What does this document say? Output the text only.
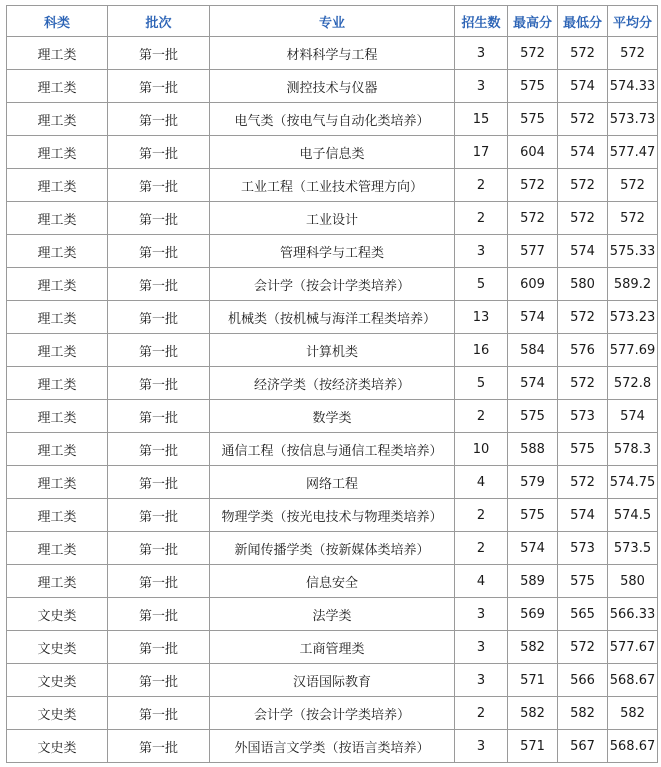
科类	批次	专业	招生数	最高分	最低分	平均分
理工类	第一批	材料科学与工程	3	572	572	572
理工类	第一批	测控技术与仪器	3	575	574	574.33
理工类	第一批	电气类（按电气与自动化类培养）	15	575	572	573.73
理工类	第一批	电子信息类	17	604	574	577.47
理工类	第一批	工业工程（工业技术管理方向）	2	572	572	572
理工类	第一批	工业设计	2	572	572	572
理工类	第一批	管理科学与工程类	3	577	574	575.33
理工类	第一批	会计学（按会计学类培养）	5	609	580	589.2
理工类	第一批	机械类（按机械与海洋工程类培养）	13	574	572	573.23
理工类	第一批	计算机类	16	584	576	577.69
理工类	第一批	经济学类（按经济类培养）	5	574	572	572.8
理工类	第一批	数学类	2	575	573	574
理工类	第一批	通信工程（按信息与通信工程类培养）	10	588	575	578.3
理工类	第一批	网络工程	4	579	572	574.75
理工类	第一批	物理学类（按光电技术与物理类培养）	2	575	574	574.5
理工类	第一批	新闻传播学类（按新媒体类培养）	2	574	573	573.5
理工类	第一批	信息安全	4	589	575	580
文史类	第一批	法学类	3	569	565	566.33
文史类	第一批	工商管理类	3	582	572	577.67
文史类	第一批	汉语国际教育	3	571	566	568.67
文史类	第一批	会计学（按会计学类培养）	2	582	582	582
文史类	第一批	外国语言文学类（按语言类培养）	3	571	567	568.67
